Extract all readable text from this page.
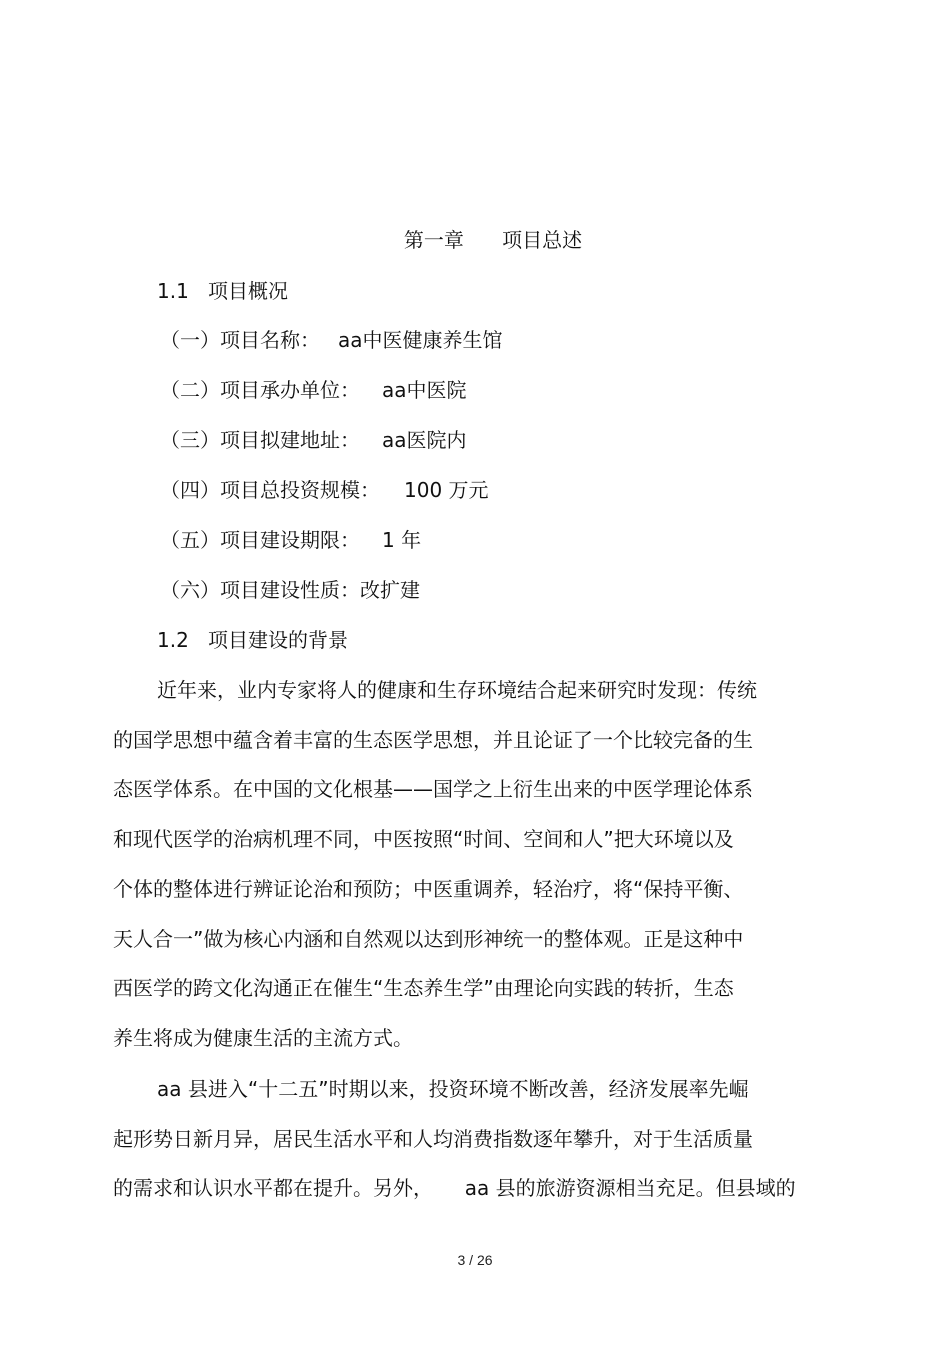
第一章      项目总述
1.1 项目概况
（一）项目名称： aa中医健康养生馆
（二）项目承办单位： aa中医院
（三）项目拟建地址： aa医院内
（四）项目总投资规模： 100 万元
（五）项目建设期限： 1 年
（六）项目建设性质：改扩建
1.2 项目建设的背景
近年来，业内专家将人的健康和生存环境结合起来研究时发现：传统
的国学思想中蕴含着丰富的生态医学思想，并且论证了一个比较完备的生
态医学体系。在中国的文化根基——国学之上衍生出来的中医学理论体系
和现代医学的治病机理不同，中医按照“时间、空间和人”把大环境以及
个体的整体进行辨证论治和预防；中医重调养，轻治疗，将“保持平衡、
天人合一”做为核心内涵和自然观以达到形神统一的整体观。正是这种中
西医学的跨文化沟通正在催生“生态养生学”由理论向实践的转折，生态
养生将成为健康生活的主流方式。
aa 县进入“十二五”时期以来，投资环境不断改善，经济发展率先崛
起形势日新月异，居民生活水平和人均消费指数逐年攀升，对于生活质量
的需求和认识水平都在提升。另外，     aa 县的旅游资源相当充足。但县域的
3 / 26
